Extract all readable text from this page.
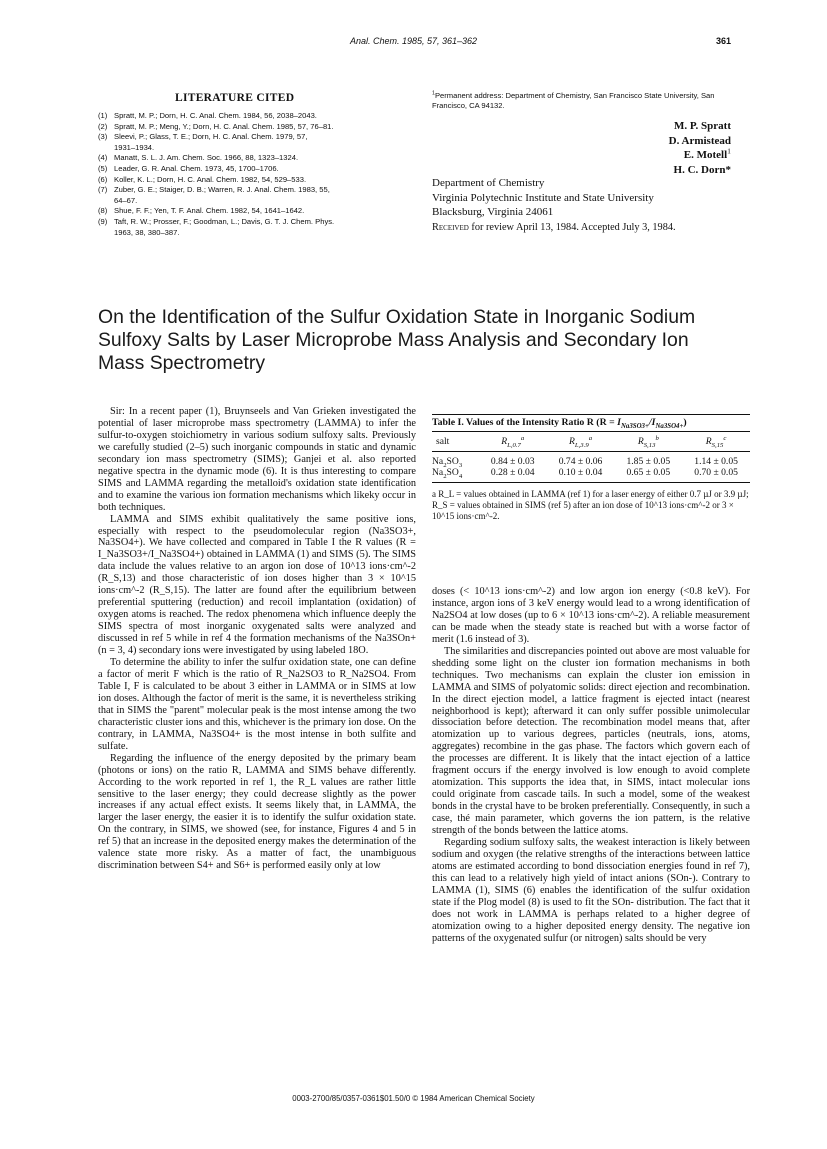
Anal. Chem. 1985, 57, 361–362	361
LITERATURE CITED
(1) Spratt, M. P.; Dorn, H. C. Anal. Chem. 1984, 56, 2038–2043.
(2) Spratt, M. P.; Meng, Y.; Dorn, H. C. Anal. Chem. 1985, 57, 76–81.
(3) Sleevi, P.; Glass, T. E.; Dorn, H. C. Anal. Chem. 1979, 57,
1931–1934.
(4) Manatt, S. L. J. Am. Chem. Soc. 1966, 88, 1323–1324.
(5) Leader, G. R. Anal. Chem. 1973, 45, 1700–1706.
(6) Koller, K. L.; Dorn, H. C. Anal. Chem. 1982, 54, 529–533.
(7) Zuber, G. E.; Staiger, D. B.; Warren, R. J. Anal. Chem. 1983, 55,
64–67.
(8) Shue, F. F.; Yen, T. F. Anal. Chem. 1982, 54, 1641–1642.
(9) Taft, R. W.; Prosser, F.; Goodman, L.; Davis, G. T. J. Chem. Phys.
1963, 38, 380–387.
$^1$Permanent address: Department of Chemistry, San Francisco State University, San Francisco, CA 94132.
M. P. Spratt
D. Armistead
E. Motell$^1$
H. C. Dorn*
Department of Chemistry
Virginia Polytechnic Institute and State University
Blacksburg, Virginia 24061
Received for review April 13, 1984. Accepted July 3, 1984.
On the Identification of the Sulfur Oxidation State in Inorganic Sodium Sulfoxy Salts by Laser Microprobe Mass Analysis and Secondary Ion Mass Spectrometry

Sir: In a recent paper (1), Bruynseels and Van Grieken investigated the potential of laser microprobe mass spectrometry (LAMMA) to infer the sulfur-to-oxygen stoichiometry in various sodium sulfoxy salts. Previously we carefully studied (2–5) such inorganic compounds in static and dynamic secondary ion mass spectrometry (SIMS); Ganjei et al. also reported negative spectra in the dynamic mode (6). It is thus interesting to compare SIMS and LAMMA regarding the metalloid's oxidation state identification and to examine the various ion formation mechanisms which likeky occur in both techniques.

LAMMA and SIMS exhibit qualitatively the same positive ions, especially with respect to the pseudomolecular region (Na3SO3+, Na3SO4+). We have collected and compared in Table I the R values (R = I_Na3SO3+/I_Na3SO4+) obtained in LAMMA (1) and SIMS (5). The SIMS data include the values relative to an argon ion dose of 10^13 ions·cm^-2 (R_S,13) and those characteristic of ion doses higher than 3 × 10^15 ions·cm^-2 (R_S,15). The latter are found after the equilibrium between preferential sputtering (reduction) and recoil implantation (oxidation) of oxygen atoms is reached. The redox phenomena which influence deeply the SIMS spectra of most inorganic oxygenated salts were analyzed and discussed in ref 5 while in ref 4 the formation mechanisms of the Na3SOn+ (n = 3, 4) secondary ions were investigated by using labeled 18O.

To determine the ability to infer the sulfur oxidation state, one can define a factor of merit F which is the ratio of R_Na2SO3 to R_Na2SO4. From Table I, F is calculated to be about 3 either in LAMMA or in SIMS at low ion doses. Although the factor of merit is the same, it is nevertheless striking that in SIMS the "parent" molecular peak is the most intense among the two characteristic cluster ions and this, whichever is the primary ion dose. On the contrary, in LAMMA, Na3SO4+ is the most intense in both sulfite and sulfate.

Regarding the influence of the energy deposited by the primary beam (photons or ions) on the ratio R, LAMMA and SIMS behave differently. According to the work reported in ref 1, the R_L values are rather little sensitive to the laser energy; they could decrease slightly as the power increases if any actual effect exists. It seems likely that, in LAMMA, the larger the laser energy, the easier it is to identify the sulfur oxidation state. On the contrary, in SIMS, we showed (see, for instance, Figures 4 and 5 in ref 5) that an increase in the deposited energy makes the determination of the valence state more risky. As a matter of fact, the unambiguous discrimination between S4+ and S6+ is performed easily only at low

Table I. Values of the Intensity Ratio R $(R = I_{Na3SO3+}/I_{Na3SO4+})$
salt	$R_{L,0.7}^a$	$R_{L,3.9}^a$	$R_{S,13}^b$	$R_{S,15}^c$
$Na_2SO_3$	0.84 ± 0.03	0.74 ± 0.06	1.85 ± 0.05	1.14 ± 0.05
$Na_2SO_4$	0.28 ± 0.04	0.10 ± 0.04	0.65 ± 0.05	0.70 ± 0.05
a R_L = values obtained in LAMMA (ref 1) for a laser energy of either 0.7 µJ or 3.9 µJ; R_S = values obtained in SIMS (ref 5) after an ion dose of 10^13 ions·cm^-2 or 3 × 10^15 ions·cm^-2.

doses (< 10^13 ions·cm^-2) and low argon ion energy (<0.8 keV). For instance, argon ions of 3 keV energy would lead to a wrong identification of Na2SO4 at low doses (up to 6 × 10^13 ions·cm^-2). A reliable measurement can be made when the steady state is reached but with a worse factor of merit (1.6 instead of 3).

The similarities and discrepancies pointed out above are most valuable for shedding some light on the cluster ion formation mechanisms in both techniques. Two mechanisms can explain the cluster ion emission in LAMMA and SIMS of polyatomic solids: direct ejection and recombination. In the direct ejection model, a lattice fragment is ejected intact (nearest neighborhood is kept); afterward it can only suffer possible unimolecular dissociation before detection. The recombination model means that, after atomization up to various degrees, particles (neutrals, ions, atoms, aggregates) recombine in the gas phase. The factors which govern each of the processes are different. It is likely that the intact ejection of a lattice fragment occurs if the energy involved is low enough to avoid complete atomization. This supports the idea that, in SIMS, intact molecular ions could originate from cascade tails. In such a model, some of the weakest bonds in the crystal have to be broken preferentially. Consequently, in such a case, thé main parameter, which governs the ion pattern, is the relative strength of the bonds between the lattice atoms.

Regarding sodium sulfoxy salts, the weakest interaction is likely between sodium and oxygen (the relative strengths of the interactions between lattice atoms are estimated according to bond dissociation energies found in ref 7), this can lead to a relatively high yield of intact anions (SOn-). Contrary to LAMMA (1), SIMS (6) enables the identification of the sulfur oxidation state if the Plog model (8) is used to fit the SOn- distribution. The fact that it does not work in LAMMA is perhaps related to a higher degree of atomization owing to a higher deposited energy density. The negative ion patterns of the oxygenated sulfur (or nitrogen) salts should be very

0003-2700/85/0357-0361$01.50/0 © 1984 American Chemical Society
